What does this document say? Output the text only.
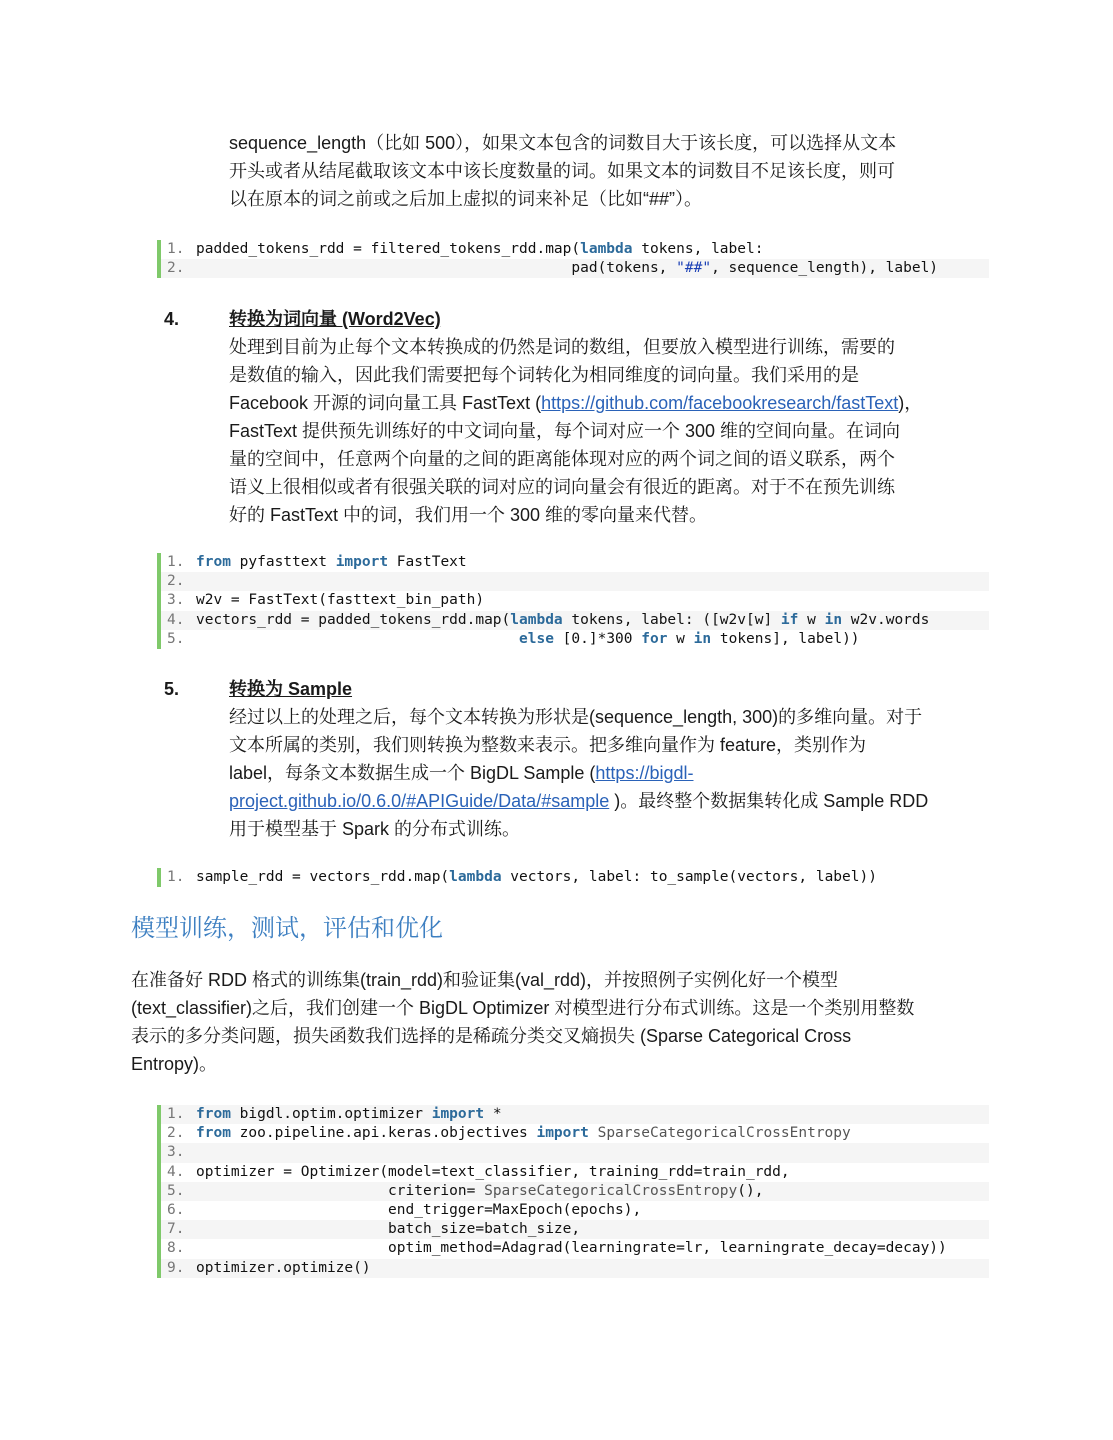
sequence_length（比如 500），如果文本包含的词数目大于该长度，可以选择从文本

开头或者从结尾截取该文本中该长度数量的词。如果文本的词数目不足该长度，则可

以在原本的词之前或之后加上虚拟的词来补足（比如“##”）。

1. padded_tokens_rdd = filtered_tokens_rdd.map(lambda tokens, label:
2.                                           pad(tokens, "##", sequence_length), label)
4.	转换为词向量 (Word2Vec)

处理到目前为止每个文本转换成的仍然是词的数组，但要放入模型进行训练，需要的

是数值的输入，因此我们需要把每个词转化为相同维度的词向量。我们采用的是

Facebook 开源的词向量工具 FastText (https://github.com/facebookresearch/fastText)，

FastText 提供预先训练好的中文词向量，每个词对应一个 300 维的空间向量。在词向

量的空间中，任意两个向量的之间的距离能体现对应的两个词之间的语义联系，两个

语义上很相似或者有很强关联的词对应的词向量会有很近的距离。对于不在预先训练

好的 FastText 中的词，我们用一个 300 维的零向量来代替。

1. from pyfasttext import FastText
2.
3. w2v = FastText(fasttext_bin_path)
4. vectors_rdd = padded_tokens_rdd.map(lambda tokens, label: ([w2v[w] if w in w2v.words
5.	else [0.]*300 for w in tokens], label))
5.	转换为 Sample

经过以上的处理之后，每个文本转换为形状是(sequence_length, 300)的多维向量。对于

文本所属的类别，我们则转换为整数来表示。把多维向量作为 feature，类别作为

label，每条文本数据生成一个 BigDL Sample (https://bigdl-

project.github.io/0.6.0/#APIGuide/Data/#sample )。最终整个数据集转化成 Sample RDD

用于模型基于 Spark 的分布式训练。

1. sample_rdd = vectors_rdd.map(lambda vectors, label: to_sample(vectors, label))
模型训练，测试，评估和优化

在准备好 RDD 格式的训练集(train_rdd)和验证集(val_rdd)，并按照例子实例化好一个模型

(text_classifier)之后，我们创建一个 BigDL Optimizer 对模型进行分布式训练。这是一个类别用整数

表示的多分类问题，损失函数我们选择的是稀疏分类交叉熵损失 (Sparse Categorical Cross

Entropy)。

1. from bigdl.optim.optimizer import *
2. from zoo.pipeline.api.keras.objectives import SparseCategoricalCrossEntropy
3.
4. optimizer = Optimizer(model=text_classifier, training_rdd=train_rdd,
5.                      criterion= SparseCategoricalCrossEntropy(),
6.                      end_trigger=MaxEpoch(epochs),
7.                      batch_size=batch_size,
8.                      optim_method=Adagrad(learningrate=lr, learningrate_decay=decay))
9. optimizer.optimize()
